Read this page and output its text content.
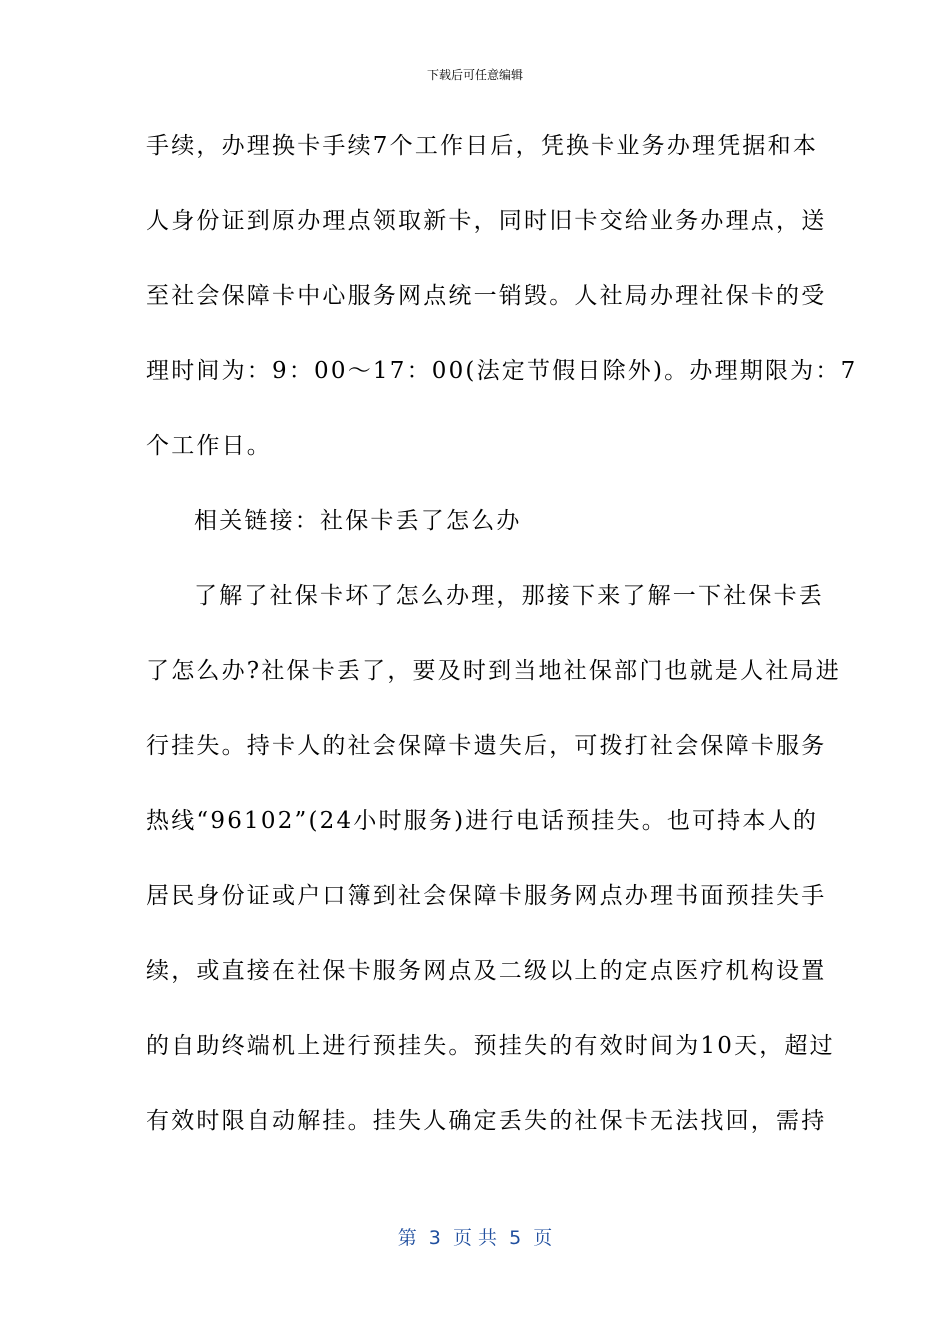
下载后可任意编辑
手续，办理换卡手续7个工作日后，凭换卡业务办理凭据和本
人身份证到原办理点领取新卡，同时旧卡交给业务办理点，送
至社会保障卡中心服务网点统一销毁。人社局办理社保卡的受
理时间为：9：00～17：00(法定节假日除外)。办理期限为：7
个工作日。
相关链接：社保卡丢了怎么办
了解了社保卡坏了怎么办理，那接下来了解一下社保卡丢
了怎么办?社保卡丢了，要及时到当地社保部门也就是人社局进
行挂失。持卡人的社会保障卡遗失后，可拨打社会保障卡服务
热线“96102”(24小时服务)进行电话预挂失。也可持本人的
居民身份证或户口簿到社会保障卡服务网点办理书面预挂失手
续，或直接在社保卡服务网点及二级以上的定点医疗机构设置
的自助终端机上进行预挂失。预挂失的有效时间为10天，超过
有效时限自动解挂。挂失人确定丢失的社保卡无法找回，需持
第  3  页 共  5  页
